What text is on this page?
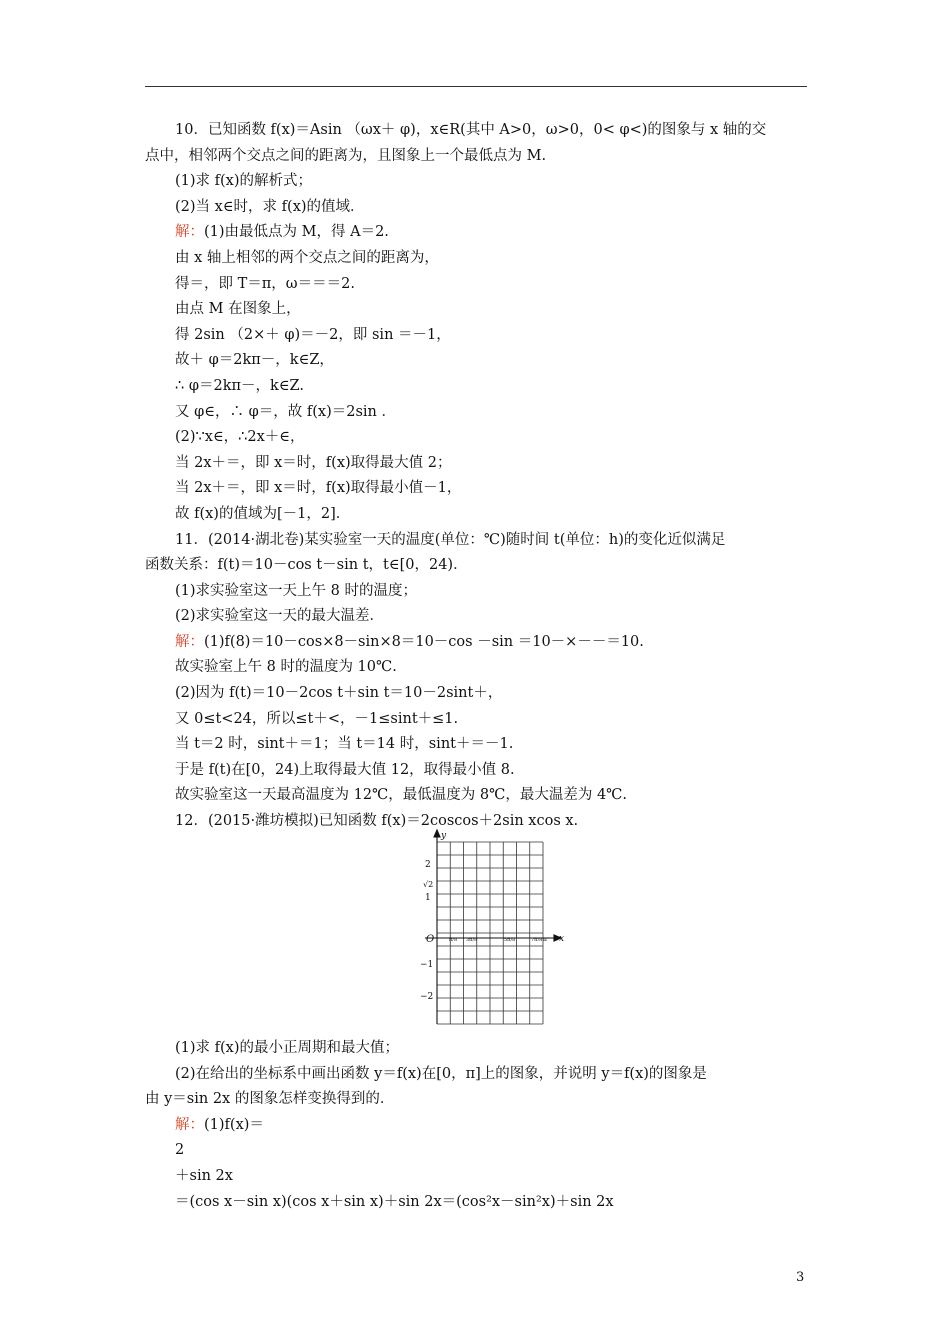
10．已知函数 f(x)＝Asin （ωx＋ φ)，x∈R(其中 A>0，ω>0，0< φ<)的图象与 x 轴的交
点中，相邻两个交点之间的距离为，且图象上一个最低点为 M.
(1)求 f(x)的解析式；
(2)当 x∈时，求 f(x)的值域．
解：(1)由最低点为 M，得 A＝2.
由 x 轴上相邻的两个交点之间的距离为，
得＝，即 T＝π，ω＝＝＝2.
由点 M 在图象上，
得 2sin （2×＋ φ)＝－2，即 sin ＝－1，
故＋ φ＝2kπ－，k∈Z，
∴ φ＝2kπ－，k∈Z.
又 φ∈，∴ φ＝，故 f(x)＝2sin ．
(2)∵x∈，∴2x＋∈，
当 2x＋＝，即 x＝时，f(x)取得最大值 2；
当 2x＋＝，即 x＝时，f(x)取得最小值－1，
故 f(x)的值域为[－1，2]．
11．(2014·湖北卷)某实验室一天的温度(单位：℃)随时间 t(单位：h)的变化近似满足
函数关系：f(t)＝10－cos t－sin t，t∈[0，24)．
(1)求实验室这一天上午 8 时的温度；
(2)求实验室这一天的最大温差．
解：(1)f(8)＝10－cos×8－sin×8＝10－cos －sin ＝10－×－－＝10.
故实验室上午 8 时的温度为 10℃.
(2)因为 f(t)＝10－2cos t＋sin t＝10－2sint＋，
又 0≤t<24，所以≤t＋<，－1≤sint＋≤1.
当 t＝2 时，sint＋＝1；当 t＝14 时，sint＋＝－1.
于是 f(t)在[0，24)上取得最大值 12，取得最小值 8.
故实验室这一天最高温度为 12℃，最低温度为 8℃，最大温差为 4℃.
12．(2015·潍坊模拟)已知函数 f(x)＝2coscos＋2sin xcos x.
y
x
O
2
√2
1
−1
−2
π/8 3π/8	5π/8	7π/8 π
(1)求 f(x)的最小正周期和最大值；
(2)在给出的坐标系中画出函数 y＝f(x)在[0，π]上的图象，并说明 y＝f(x)的图象是
由 y＝sin 2x 的图象怎样变换得到的．
解：(1)f(x)＝
2
＋sin 2x
＝(cos x－sin x)(cos x＋sin x)＋sin 2x＝(cos²x－sin²x)＋sin 2x
3
